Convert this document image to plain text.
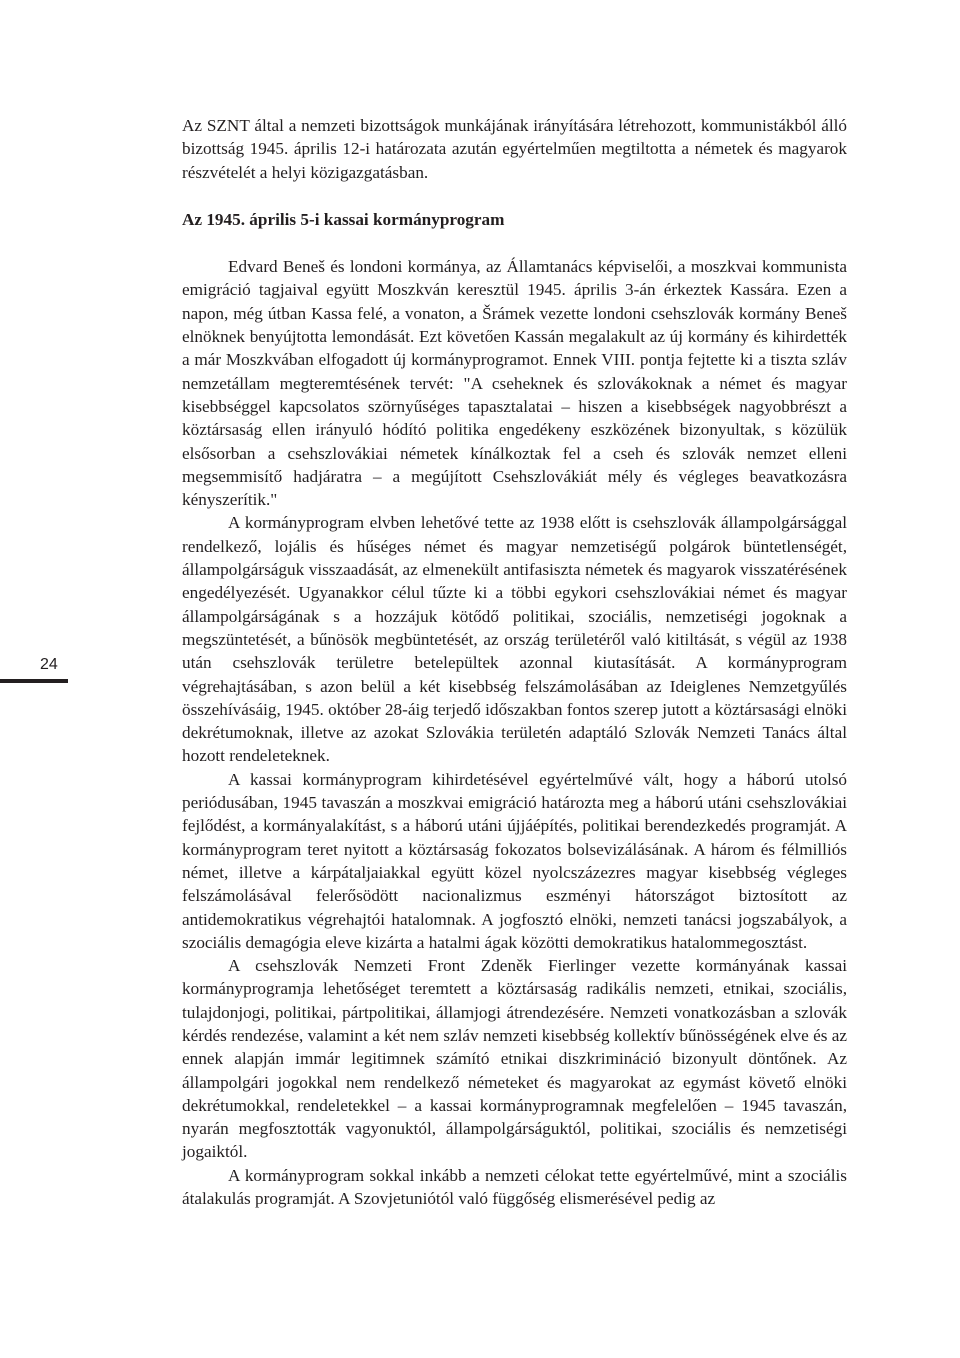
Az SZNT által a nemzeti bizottságok munkájának irányítására létrehozott, kommunistákból álló bizottság 1945. április 12-i határozata azután egyértelműen megtiltotta a németek és magyarok részvételét a helyi közigazgatásban.

Az 1945. április 5-i kassai kormányprogram

Edvard Beneš és londoni kormánya, az Államtanács képviselői, a moszkvai kommunista emigráció tagjaival együtt Moszkván keresztül 1945. április 3-án érkeztek Kassára. Ezen a napon, még útban Kassa felé, a vonaton, a Šrámek vezette londoni csehszlovák kormány Beneš elnöknek benyújtotta lemondását. Ezt követően Kassán megalakult az új kormány és kihirdették a már Moszkvában elfogadott új kormányprogramot. Ennek VIII. pontja fejtette ki a tiszta szláv nemzetállam megteremtésének tervét: "A cseheknek és szlovákoknak a német és magyar kisebbséggel kapcsolatos szörnyűséges tapasztalatai – hiszen a kisebbségek nagyobbrészt a köztársaság ellen irányuló hódító politika engedékeny eszközének bizonyultak, s közülük elsősorban a csehszlovákiai németek kínálkoztak fel a cseh és szlovák nemzet elleni megsemmisítő hadjáratra – a megújított Csehszlovákiát mély és végleges beavatkozásra kényszerítik."

A kormányprogram elvben lehetővé tette az 1938 előtt is csehszlovák állampolgársággal rendelkező, lojális és hűséges német és magyar nemzetiségű polgárok büntetlenségét, állampolgárságuk visszaadását, az elmenekült antifasiszta németek és magyarok visszatérésének engedélyezését. Ugyanakkor célul tűzte ki a többi egykori csehszlovákiai német és magyar állampolgárságának s a hozzájuk kötődő politikai, szociális, nemzetiségi jogoknak a megszüntetését, a bűnösök megbüntetését, az ország területéről való kitiltását, s végül az 1938 után csehszlovák területre betelepültek azonnal kiutasítását. A kormányprogram végrehajtásában, s azon belül a két kisebbség felszámolásában az Ideiglenes Nemzetgyűlés összehívásáig, 1945. október 28-áig terjedő időszakban fontos szerep jutott a köztársasági elnöki dekrétumoknak, illetve az azokat Szlovákia területén adaptáló Szlovák Nemzeti Tanács által hozott rendeleteknek.

A kassai kormányprogram kihirdetésével egyértelművé vált, hogy a háború utolsó periódusában, 1945 tavaszán a moszkvai emigráció határozta meg a háború utáni csehszlovákiai fejlődést, a kormányalakítást, s a háború utáni újjáépítés, politikai berendezkedés programját. A kormányprogram teret nyitott a köztársaság fokozatos bolsevizálásának. A három és félmilliós német, illetve a kárpátaljaiakkal együtt közel nyolcszázezres magyar kisebbség végleges felszámolásával felerősödött nacionalizmus eszményi hátországot biztosított az antidemokratikus végrehajtói hatalomnak. A jogfosztó elnöki, nemzeti tanácsi jogszabályok, a szociális demagógia eleve kizárta a hatalmi ágak közötti demokratikus hatalommegosztást.

A csehszlovák Nemzeti Front Zdeněk Fierlinger vezette kormányának kassai kormányprogramja lehetőséget teremtett a köztársaság radikális nemzeti, etnikai, szociális, tulajdonjogi, politikai, pártpolitikai, államjogi átrendezésére. Nemzeti vonatkozásban a szlovák kérdés rendezése, valamint a két nem szláv nemzeti kisebbség kollektív bűnösségének elve és az ennek alapján immár legitimnek számító etnikai diszkrimináció bizonyult döntőnek. Az állampolgári jogokkal nem rendelkező németeket és magyarokat az egymást követő elnöki dekrétumokkal, rendeletekkel – a kassai kormányprogramnak megfelelően – 1945 tavaszán, nyarán megfosztották vagyonuktól, állampolgárságuktól, politikai, szociális és nemzetiségi jogaiktól.

A kormányprogram sokkal inkább a nemzeti célokat tette egyértelművé, mint a szociális átalakulás programját. A Szovjetuniótól való függőség elismerésével pedig az

24
